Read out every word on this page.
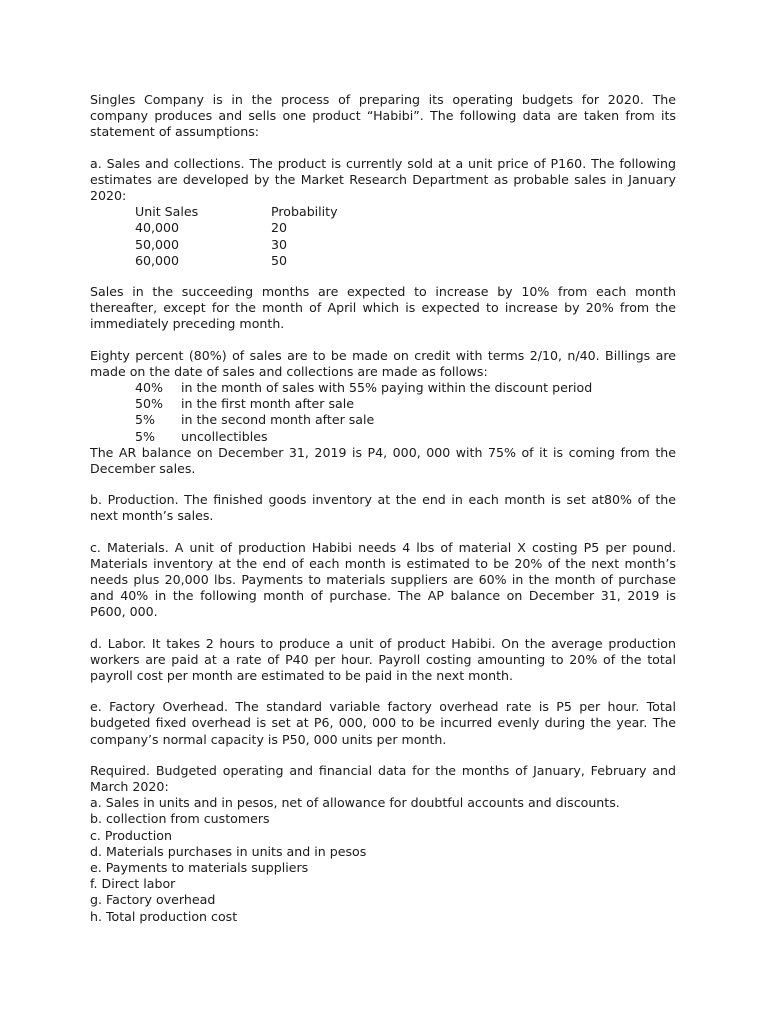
Singles Company is in the process of preparing its operating budgets for 2020. The company produces and sells one product “Habibi”. The following data are taken from its statement of assumptions:

a. Sales and collections. The product is currently sold at a unit price of P160. The following estimates are developed by the Market Research Department as probable sales in January 2020:

Unit Sales	Probability
40,000	20
50,000	30
60,000	50

Sales in the succeeding months are expected to increase by 10% from each month thereafter, except for the month of April which is expected to increase by 20% from the immediately preceding month.

Eighty percent (80%) of sales are to be made on credit with terms 2/10, n/40. Billings are made on the date of sales and collections are made as follows:

40% in the month of sales with 55% paying within the discount period
50% in the first month after sale
5% in the second month after sale
5% uncollectibles

The AR balance on December 31, 2019 is P4, 000, 000 with 75% of it is coming from the December sales.

b. Production. The finished goods inventory at the end in each month is set at80% of the next month’s sales.

c. Materials. A unit of production Habibi needs 4 lbs of material X costing P5 per pound. Materials inventory at the end of each month is estimated to be 20% of the next month’s needs plus 20,000 lbs. Payments to materials suppliers are 60% in the month of purchase and 40% in the following month of purchase. The AP balance on December 31, 2019 is P600, 000.

d. Labor. It takes 2 hours to produce a unit of product Habibi. On the average production workers are paid at a rate of P40 per hour. Payroll costing amounting to 20% of the total payroll cost per month are estimated to be paid in the next month.

e. Factory Overhead. The standard variable factory overhead rate is P5 per hour. Total budgeted fixed overhead is set at P6, 000, 000 to be incurred evenly during the year. The company’s normal capacity is P50, 000 units per month.

Required. Budgeted operating and financial data for the months of January, February and March 2020:

a. Sales in units and in pesos, net of allowance for doubtful accounts and discounts.

b. collection from customers

c. Production

d. Materials purchases in units and in pesos

e. Payments to materials suppliers

f. Direct labor

g. Factory overhead

h. Total production cost
